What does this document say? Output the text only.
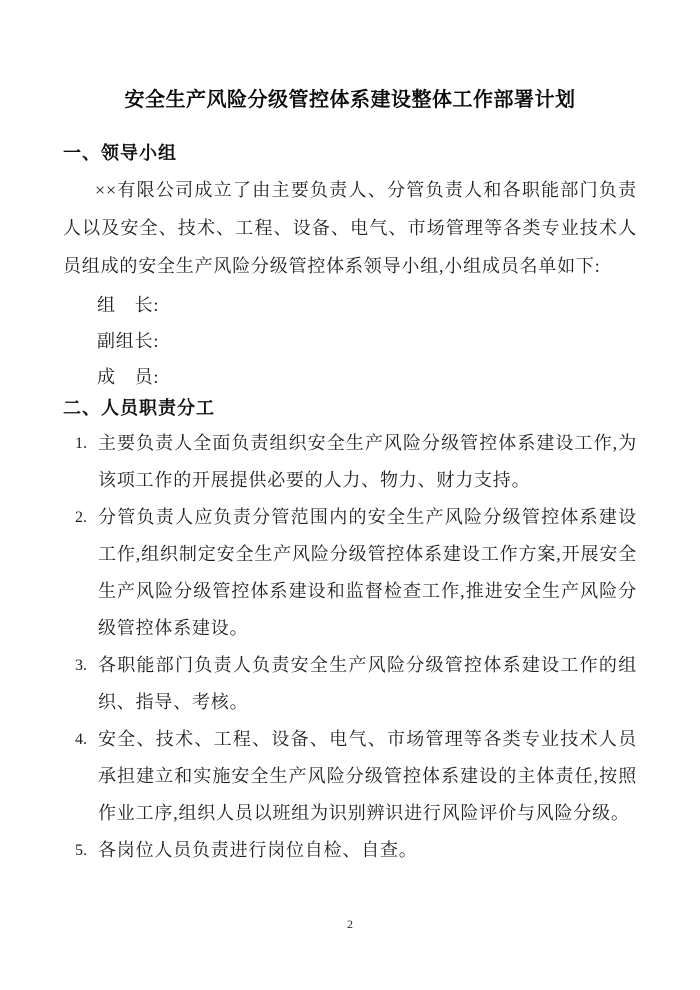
安全生产风险分级管控体系建设整体工作部署计划
一、领导小组
××有限公司成立了由主要负责人、分管负责人和各职能部门负责人以及安全、技术、工程、设备、电气、市场管理等各类专业技术人员组成的安全生产风险分级管控体系领导小组,小组成员名单如下:
组　长:
副组长:
成　员:
二、人员职责分工
1. 主要负责人全面负责组织安全生产风险分级管控体系建设工作,为该项工作的开展提供必要的人力、物力、财力支持。
2. 分管负责人应负责分管范围内的安全生产风险分级管控体系建设工作,组织制定安全生产风险分级管控体系建设工作方案,开展安全生产风险分级管控体系建设和监督检查工作,推进安全生产风险分级管控体系建设。
3. 各职能部门负责人负责安全生产风险分级管控体系建设工作的组织、指导、考核。
4. 安全、技术、工程、设备、电气、市场管理等各类专业技术人员承担建立和实施安全生产风险分级管控体系建设的主体责任,按照作业工序,组织人员以班组为识别辨识进行风险评价与风险分级。
5. 各岗位人员负责进行岗位自检、自查。
2
